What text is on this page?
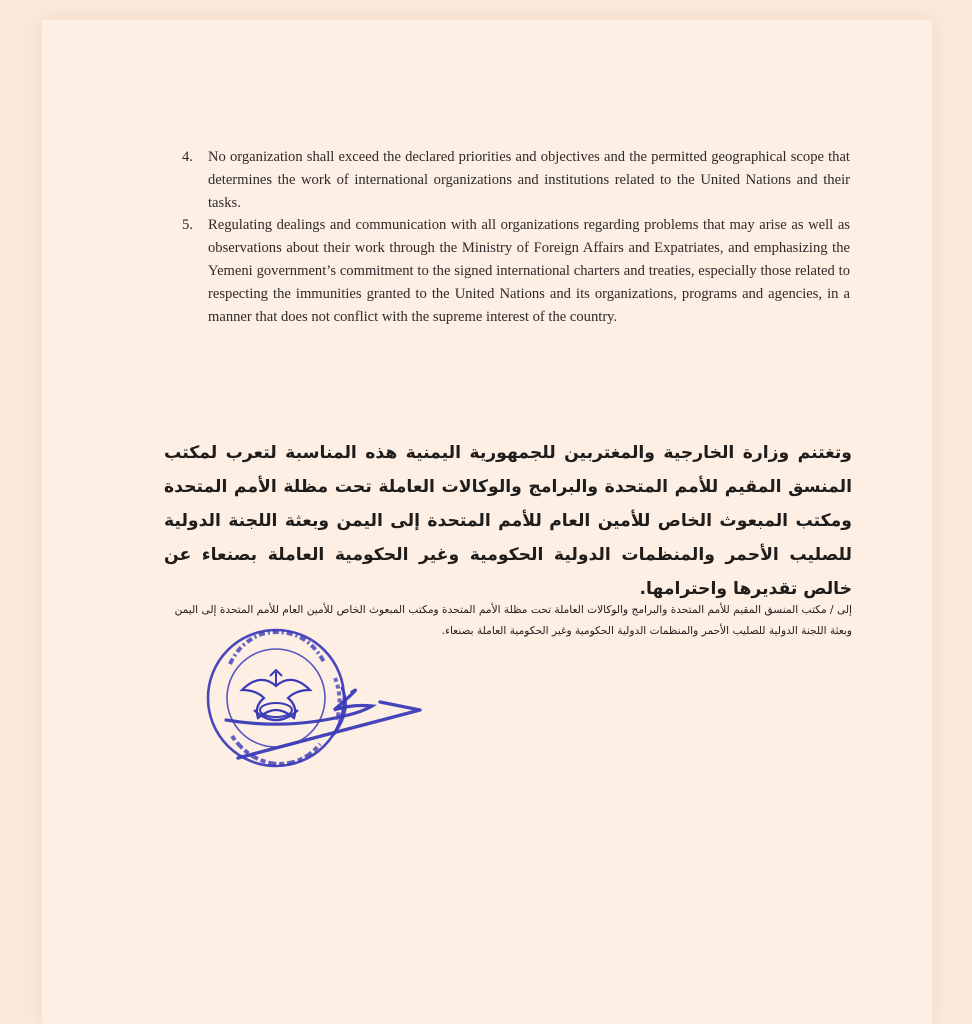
4.	No organization shall exceed the declared priorities and objectives and the permitted geographical scope that determines the work of international organizations and institutions related to the United Nations and their tasks.
5.	Regulating dealings and communication with all organizations regarding problems that may arise as well as observations about their work through the Ministry of Foreign Affairs and Expatriates, and emphasizing the Yemeni government’s commitment to the signed international charters and treaties, especially those related to respecting the immunities granted to the United Nations and its organizations, programs and agencies, in a manner that does not conflict with the supreme interest of the country.
وتغتنم وزارة الخارجية والمغتربين للجمهورية اليمنية هذه المناسبة لتعرب لمكتب المنسق المقيم للأمم المتحدة والبرامج والوكالات العاملة تحت مظلة الأمم المتحدة ومكتب المبعوث الخاص للأمين العام للأمم المتحدة إلى اليمن وبعثة اللجنة الدولية للصليب الأحمر والمنظمات الدولية الحكومية وغير الحكومية العاملة بصنعاء عن خالص تقديرها واحترامها.
إلى / مكتب المنسق المقيم للأمم المتحدة والبرامج والوكالات العاملة تحت مظلة الأمم المتحدة ومكتب المبعوث الخاص للأمين العام للأمم المتحدة إلى اليمن وبعثة اللجنة الدولية للصليب الأحمر والمنظمات الدولية الحكومية وغير الحكومية العاملة بصنعاء.
